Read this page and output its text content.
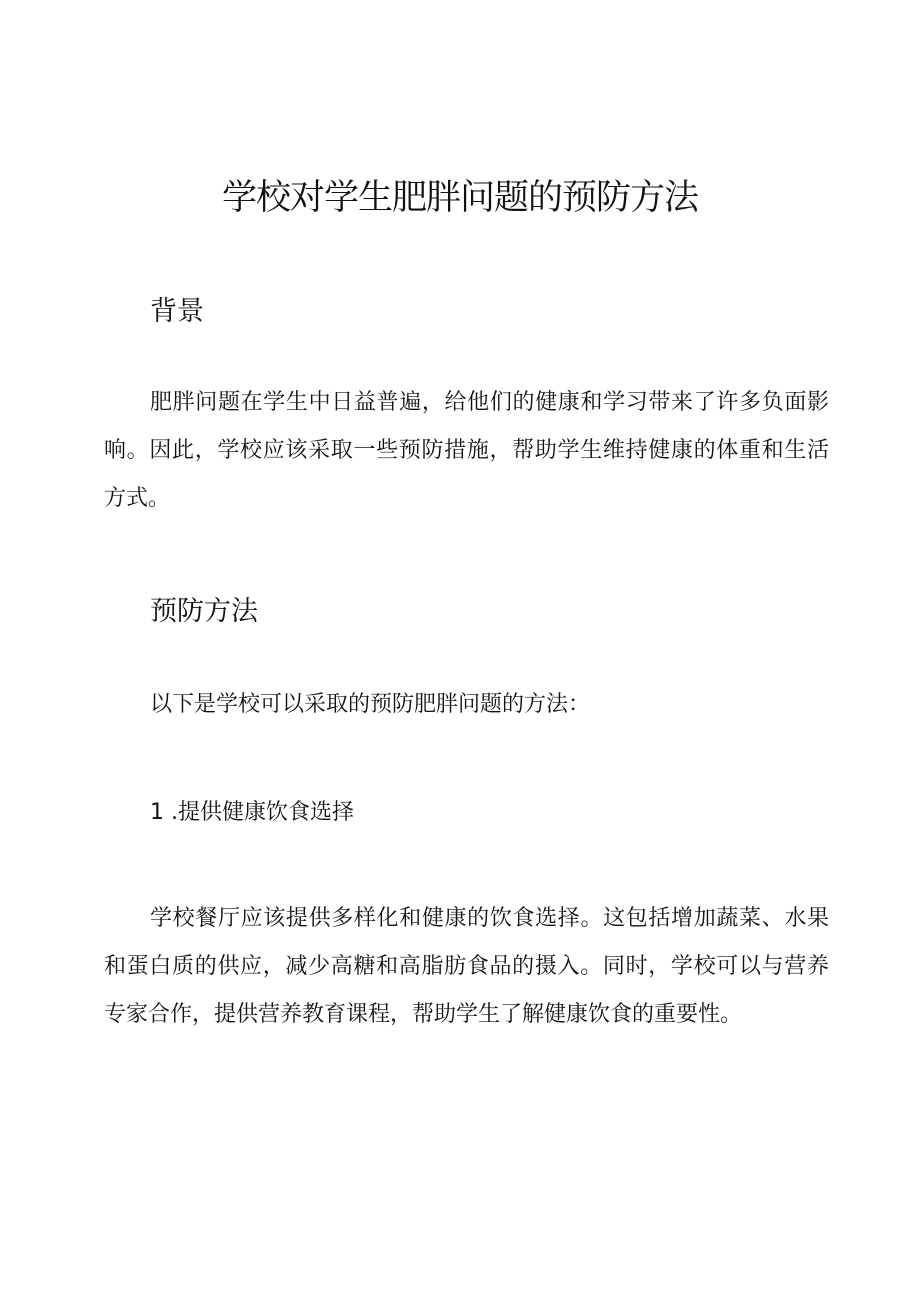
学校对学生肥胖问题的预防方法
背景

肥胖问题在学生中日益普遍，给他们的健康和学习带来了许多负面影响。因此，学校应该采取一些预防措施，帮助学生维持健康的体重和生活方式。

预防方法
以下是学校可以采取的预防肥胖问题的方法：
1 .提供健康饮食选择

学校餐厅应该提供多样化和健康的饮食选择。这包括增加蔬菜、水果和蛋白质的供应，减少高糖和高脂肪食品的摄入。同时，学校可以与营养专家合作，提供营养教育课程，帮助学生了解健康饮食的重要性。
